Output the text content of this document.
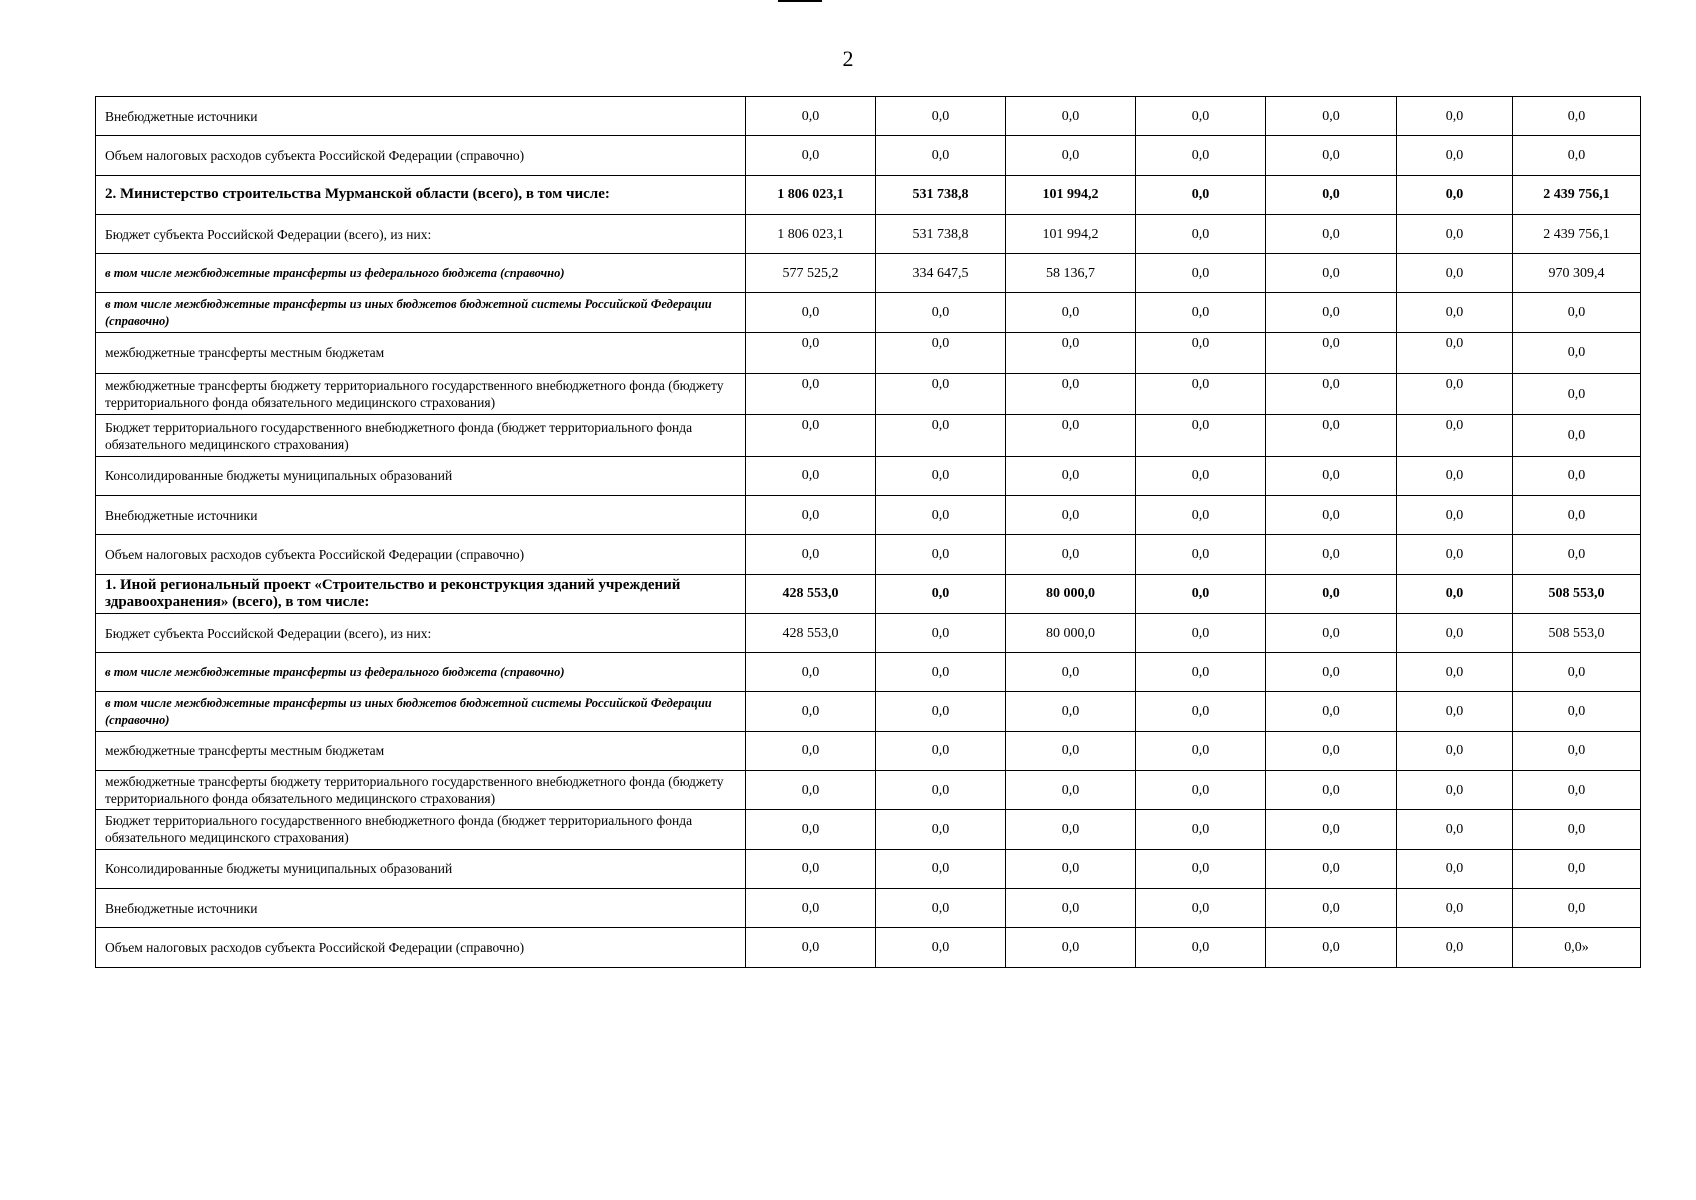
2
Внебюджетные источники	0,0	0,0	0,0	0,0	0,0	0,0	0,0
Объем налоговых расходов субъекта Российской Федерации (справочно)	0,0	0,0	0,0	0,0	0,0	0,0	0,0
2. Министерство строительства Мурманской области (всего), в том числе:	1 806 023,1	531 738,8	101 994,2	0,0	0,0	0,0	2 439 756,1
Бюджет субъекта Российской Федерации (всего), из них:	1 806 023,1	531 738,8	101 994,2	0,0	0,0	0,0	2 439 756,1
в том числе межбюджетные трансферты из федерального бюджета (справочно)	577 525,2	334 647,5	58 136,7	0,0	0,0	0,0	970 309,4
в том числе межбюджетные трансферты из иных бюджетов бюджетной системы Российской Федерации (справочно)	0,0	0,0	0,0	0,0	0,0	0,0	0,0
межбюджетные трансферты местным бюджетам	0,0	0,0	0,0	0,0	0,0	0,0	0,0
межбюджетные трансферты бюджету территориального государственного внебюджетного фонда (бюджету территориального фонда обязательного медицинского страхования)	0,0	0,0	0,0	0,0	0,0	0,0	0,0
Бюджет территориального государственного внебюджетного фонда (бюджет территориального фонда обязательного медицинского страхования)	0,0	0,0	0,0	0,0	0,0	0,0	0,0
Консолидированные бюджеты муниципальных образований	0,0	0,0	0,0	0,0	0,0	0,0	0,0
Внебюджетные источники	0,0	0,0	0,0	0,0	0,0	0,0	0,0
Объем налоговых расходов субъекта Российской Федерации (справочно)	0,0	0,0	0,0	0,0	0,0	0,0	0,0
1. Иной региональный проект «Строительство и реконструкция зданий учреждений здравоохранения» (всего), в том числе:	428 553,0	0,0	80 000,0	0,0	0,0	0,0	508 553,0
Бюджет субъекта Российской Федерации (всего), из них:	428 553,0	0,0	80 000,0	0,0	0,0	0,0	508 553,0
в том числе межбюджетные трансферты из федерального бюджета (справочно)	0,0	0,0	0,0	0,0	0,0	0,0	0,0
в том числе межбюджетные трансферты из иных бюджетов бюджетной системы Российской Федерации (справочно)	0,0	0,0	0,0	0,0	0,0	0,0	0,0
межбюджетные трансферты местным бюджетам	0,0	0,0	0,0	0,0	0,0	0,0	0,0
межбюджетные трансферты бюджету территориального государственного внебюджетного фонда (бюджету территориального фонда обязательного медицинского страхования)	0,0	0,0	0,0	0,0	0,0	0,0	0,0
Бюджет территориального государственного внебюджетного фонда (бюджет территориального фонда обязательного медицинского страхования)	0,0	0,0	0,0	0,0	0,0	0,0	0,0
Консолидированные бюджеты муниципальных образований	0,0	0,0	0,0	0,0	0,0	0,0	0,0
Внебюджетные источники	0,0	0,0	0,0	0,0	0,0	0,0	0,0
Объем налоговых расходов субъекта Российской Федерации (справочно)	0,0	0,0	0,0	0,0	0,0	0,0	0,0»
